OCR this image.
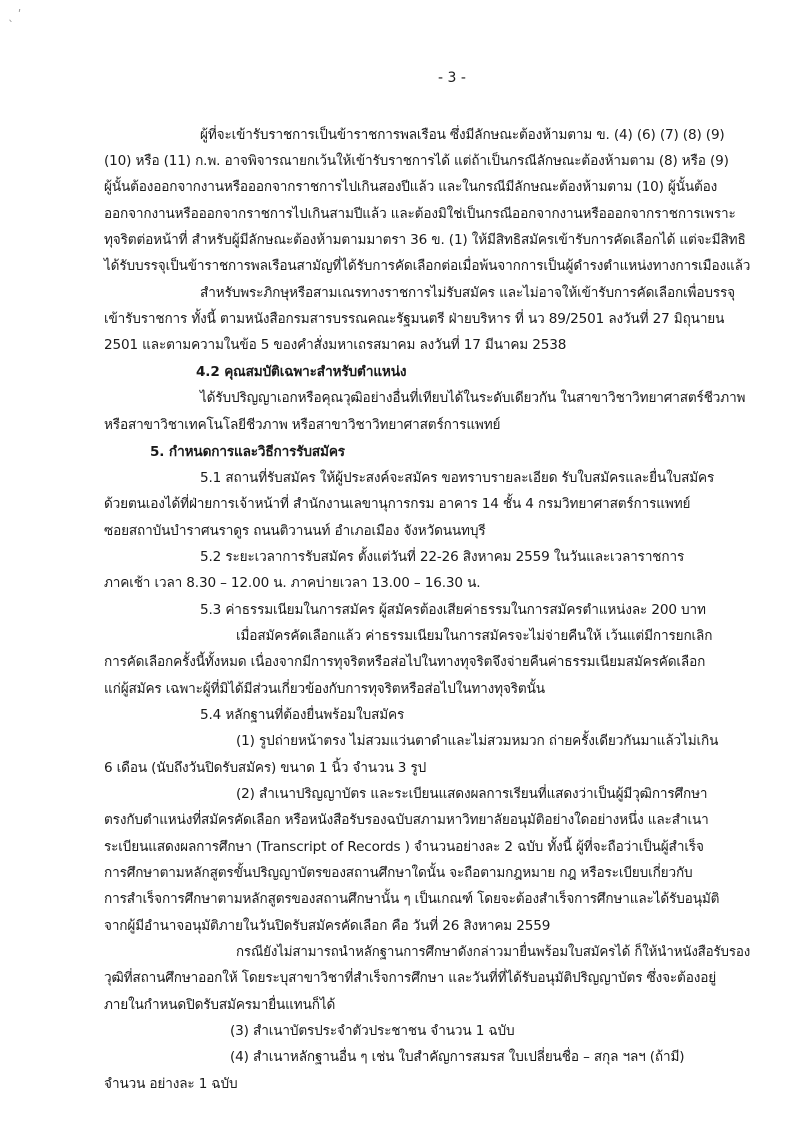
ˎ ʹ
- 3 -
ผู้ที่จะเข้ารับราชการเป็นข้าราชการพลเรือน ซึ่งมีลักษณะต้องห้ามตาม ข. (4) (6) (7) (8) (9)
(10) หรือ (11) ก.พ. อาจพิจารณายกเว้นให้เข้ารับราชการได้ แต่ถ้าเป็นกรณีลักษณะต้องห้ามตาม (8) หรือ (9)
ผู้นั้นต้องออกจากงานหรือออกจากราชการไปเกินสองปีแล้ว และในกรณีมีลักษณะต้องห้ามตาม (10) ผู้นั้นต้อง
ออกจากงานหรือออกจากราชการไปเกินสามปีแล้ว และต้องมิใช่เป็นกรณีออกจากงานหรือออกจากราชการเพราะ
ทุจริตต่อหน้าที่ สำหรับผู้มีลักษณะต้องห้ามตามมาตรา 36 ข. (1) ให้มีสิทธิสมัครเข้ารับการคัดเลือกได้ แต่จะมีสิทธิ
ได้รับบรรจุเป็นข้าราชการพลเรือนสามัญที่ได้รับการคัดเลือกต่อเมื่อพ้นจากการเป็นผู้ดำรงตำแหน่งทางการเมืองแล้ว
สำหรับพระภิกษุหรือสามเณรทางราชการไม่รับสมัคร และไม่อาจให้เข้ารับการคัดเลือกเพื่อบรรจุ
เข้ารับราชการ ทั้งนี้ ตามหนังสือกรมสารบรรณคณะรัฐมนตรี ฝ่ายบริหาร ที่ นว 89/2501 ลงวันที่ 27 มิถุนายน
2501 และตามความในข้อ 5 ของคำสั่งมหาเถรสมาคม ลงวันที่ 17 มีนาคม 2538
4.2 คุณสมบัติเฉพาะสำหรับตำแหน่ง
ได้รับปริญญาเอกหรือคุณวุฒิอย่างอื่นที่เทียบได้ในระดับเดียวกัน ในสาขาวิชาวิทยาศาสตร์ชีวภาพ
หรือสาขาวิชาเทคโนโลยีชีวภาพ หรือสาขาวิชาวิทยาศาสตร์การแพทย์
5. กำหนดการและวิธีการรับสมัคร
5.1 สถานที่รับสมัคร ให้ผู้ประสงค์จะสมัคร ขอทราบรายละเอียด รับใบสมัครและยื่นใบสมัคร
ด้วยตนเองได้ที่ฝ่ายการเจ้าหน้าที่ สำนักงานเลขานุการกรม อาคาร 14 ชั้น 4 กรมวิทยาศาสตร์การแพทย์
ซอยสถาบันบำราศนราดูร ถนนติวานนท์ อำเภอเมือง จังหวัดนนทบุรี
5.2 ระยะเวลาการรับสมัคร ตั้งแต่วันที่ 22-26 สิงหาคม 2559 ในวันและเวลาราชการ
ภาคเช้า เวลา 8.30 – 12.00 น. ภาคบ่ายเวลา 13.00 – 16.30 น.
5.3 ค่าธรรมเนียมในการสมัคร ผู้สมัครต้องเสียค่าธรรมในการสมัครตำแหน่งละ 200 บาท
เมื่อสมัครคัดเลือกแล้ว ค่าธรรมเนียมในการสมัครจะไม่จ่ายคืนให้ เว้นแต่มีการยกเลิก
การคัดเลือกครั้งนี้ทั้งหมด เนื่องจากมีการทุจริตหรือส่อไปในทางทุจริตจึงจ่ายคืนค่าธรรมเนียมสมัครคัดเลือก
แก่ผู้สมัคร เฉพาะผู้ที่มิได้มีส่วนเกี่ยวข้องกับการทุจริตหรือส่อไปในทางทุจริตนั้น
5.4 หลักฐานที่ต้องยื่นพร้อมใบสมัคร
(1) รูปถ่ายหน้าตรง ไม่สวมแว่นตาดำและไม่สวมหมวก ถ่ายครั้งเดียวกันมาแล้วไม่เกิน
6 เดือน (นับถึงวันปิดรับสมัคร) ขนาด 1 นิ้ว จำนวน 3 รูป
(2) สำเนาปริญญาบัตร และระเบียนแสดงผลการเรียนที่แสดงว่าเป็นผู้มีวุฒิการศึกษา
ตรงกับตำแหน่งที่สมัครคัดเลือก หรือหนังสือรับรองฉบับสภามหาวิทยาลัยอนุมัติอย่างใดอย่างหนึ่ง และสำเนา
ระเบียนแสดงผลการศึกษา (Transcript of Records ) จำนวนอย่างละ 2 ฉบับ ทั้งนี้ ผู้ที่จะถือว่าเป็นผู้สำเร็จ
การศึกษาตามหลักสูตรขั้นปริญญาบัตรของสถานศึกษาใดนั้น จะถือตามกฎหมาย กฎ หรือระเบียบเกี่ยวกับ
การสำเร็จการศึกษาตามหลักสูตรของสถานศึกษานั้น ๆ เป็นเกณฑ์ โดยจะต้องสำเร็จการศึกษาและได้รับอนุมัติ
จากผู้มีอำนาจอนุมัติภายในวันปิดรับสมัครคัดเลือก คือ วันที่ 26 สิงหาคม 2559
กรณียังไม่สามารถนำหลักฐานการศึกษาดังกล่าวมายื่นพร้อมใบสมัครได้ ก็ให้นำหนังสือรับรอง
วุฒิที่สถานศึกษาออกให้ โดยระบุสาขาวิชาที่สำเร็จการศึกษา และวันที่ที่ได้รับอนุมัติปริญญาบัตร ซึ่งจะต้องอยู่
ภายในกำหนดปิดรับสมัครมายื่นแทนก็ได้
(3) สำเนาบัตรประจำตัวประชาชน จำนวน 1 ฉบับ
(4) สำเนาหลักฐานอื่น ๆ เช่น ใบสำคัญการสมรส ใบเปลี่ยนชื่อ – สกุล ฯลฯ (ถ้ามี)
จำนวน อย่างละ 1 ฉบับ
